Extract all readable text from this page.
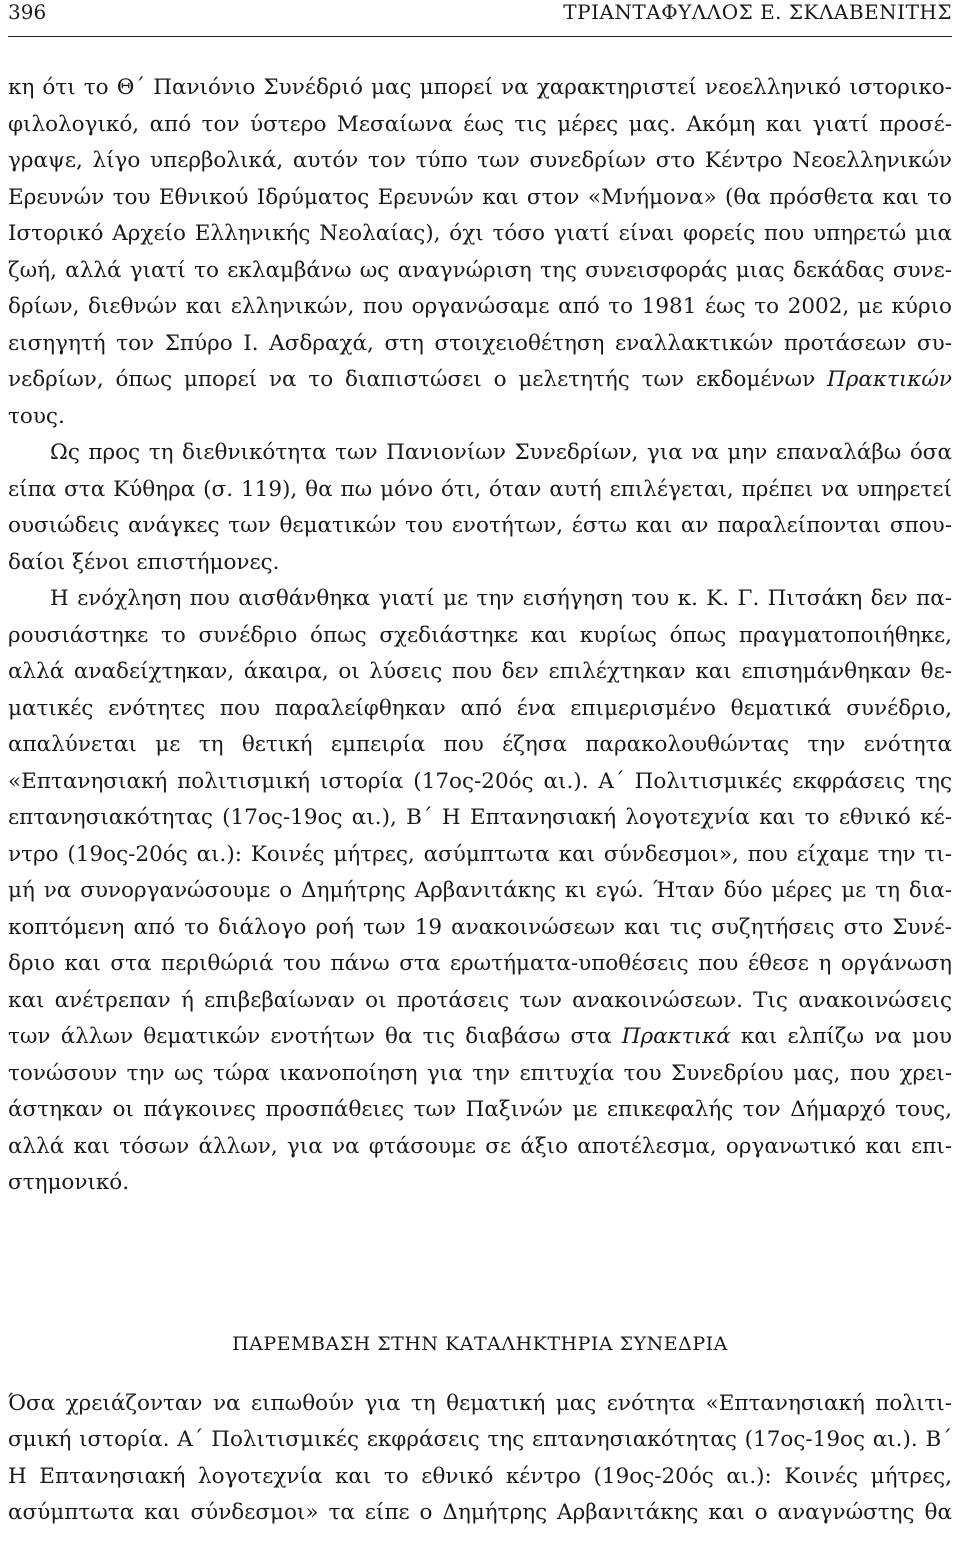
396	ΤΡΙΑΝΤΑΦΥΛΛΟΣ Ε. ΣΚΛΑΒΕΝΙΤΗΣ
κη ότι το Θ΄ Πανιόνιο Συνέδριό μας μπορεί να χαρακτηριστεί νεοελληνικό ιστορικο-
φιλολογικό, από τον ύστερο Μεσαίωνα έως τις μέρες μας. Ακόμη και γιατί προσέ-
γραψε, λίγο υπερβολικά, αυτόν τον τύπο των συνεδρίων στο Κέντρο Νεοελληνικών
Ερευνών του Εθνικού Ιδρύματος Ερευνών και στον «Μνήμονα» (θα πρόσθετα και το
Ιστορικό Αρχείο Ελληνικής Νεολαίας), όχι τόσο γιατί είναι φορείς που υπηρετώ μια
ζωή, αλλά γιατί το εκλαμβάνω ως αναγνώριση της συνεισφοράς μιας δεκάδας συνε-
δρίων, διεθνών και ελληνικών, που οργανώσαμε από το 1981 έως το 2002, με κύριο
εισηγητή τον Σπύρο Ι. Ασδραχά, στη στοιχειοθέτηση εναλλακτικών προτάσεων συ-
νεδρίων, όπως μπορεί να το διαπιστώσει ο μελετητής των εκδομένων Πρακτικών
τους.
Ως προς τη διεθνικότητα των Πανιονίων Συνεδρίων, για να μην επαναλάβω όσα
είπα στα Κύθηρα (σ. 119), θα πω μόνο ότι, όταν αυτή επιλέγεται, πρέπει να υπηρετεί
ουσιώδεις ανάγκες των θεματικών του ενοτήτων, έστω και αν παραλείπονται σπου-
δαίοι ξένοι επιστήμονες.
Η ενόχληση που αισθάνθηκα γιατί με την εισήγηση του κ. Κ. Γ. Πιτσάκη δεν πα-
ρουσιάστηκε το συνέδριο όπως σχεδιάστηκε και κυρίως όπως πραγματοποιήθηκε,
αλλά αναδείχτηκαν, άκαιρα, οι λύσεις που δεν επιλέχτηκαν και επισημάνθηκαν θε-
ματικές ενότητες που παραλείφθηκαν από ένα επιμερισμένο θεματικά συνέδριο,
απαλύνεται με τη θετική εμπειρία που έζησα παρακολουθώντας την ενότητα
«Επτανησιακή πολιτισμική ιστορία (17ος-20ός αι.). Α΄ Πολιτισμικές εκφράσεις της
επτανησιακότητας (17ος-19ος αι.), Β΄ Η Επτανησιακή λογοτεχνία και το εθνικό κέ-
ντρο (19ος-20ός αι.): Κοινές μήτρες, ασύμπτωτα και σύνδεσμοι», που είχαμε την τι-
μή να συνοργανώσουμε ο Δημήτρης Αρβανιτάκης κι εγώ. Ήταν δύο μέρες με τη δια-
κοπτόμενη από το διάλογο ροή των 19 ανακοινώσεων και τις συζητήσεις στο Συνέ-
δριο και στα περιθώριά του πάνω στα ερωτήματα-υποθέσεις που έθεσε η οργάνωση
και ανέτρεπαν ή επιβεβαίωναν οι προτάσεις των ανακοινώσεων. Τις ανακοινώσεις
των άλλων θεματικών ενοτήτων θα τις διαβάσω στα Πρακτικά και ελπίζω να μου
τονώσουν την ως τώρα ικανοποίηση για την επιτυχία του Συνεδρίου μας, που χρει-
άστηκαν οι πάγκοινες προσπάθειες των Παξινών με επικεφαλής τον Δήμαρχό τους,
αλλά και τόσων άλλων, για να φτάσουμε σε άξιο αποτέλεσμα, οργανωτικό και επι-
στημονικό.
ΠΑΡΕΜΒΑΣΗ ΣΤΗΝ ΚΑΤΑΛΗΚΤΗΡΙΑ ΣΥΝΕΔΡΙΑ
Όσα χρειάζονταν να ειπωθούν για τη θεματική μας ενότητα «Επτανησιακή πολιτι-
σμική ιστορία. Α΄ Πολιτισμικές εκφράσεις της επτανησιακότητας (17ος-19ος αι.). Β΄
Η Επτανησιακή λογοτεχνία και το εθνικό κέντρο (19ος-20ός αι.): Κοινές μήτρες,
ασύμπτωτα και σύνδεσμοι» τα είπε ο Δημήτρης Αρβανιτάκης και ο αναγνώστης θα
